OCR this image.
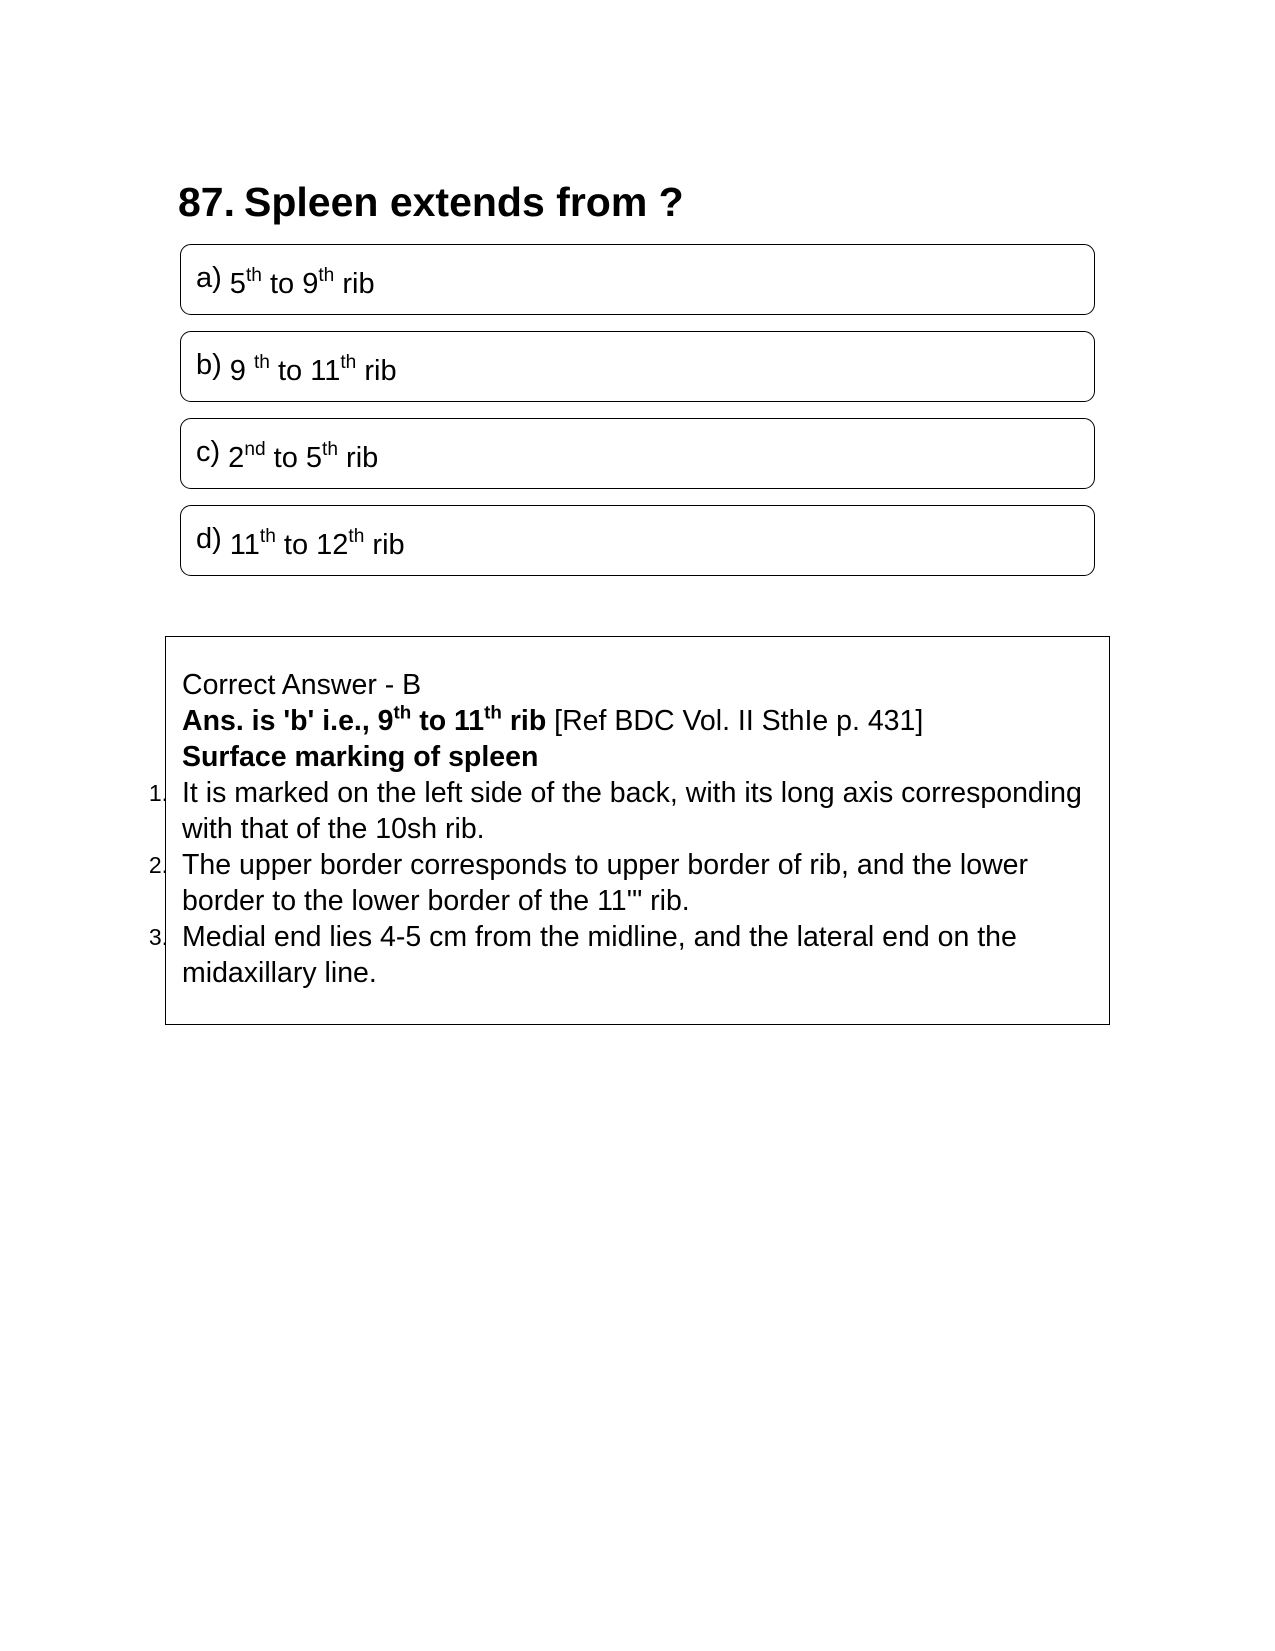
87. Spleen extends from ?
a) 5th to 9th rib
b) 9 $^{th}$ to 11th rib
c) 2nd to 5th rib
d) 11th to 12th rib

Correct Answer - B

Ans. is 'b' i.e., 9th to 11th rib [Ref BDC Vol. II SthIe p. 431]

Surface marking of spleen

1. It is marked on the left side of the back, with its long axis corresponding with that of the 10sh rib.
2. The upper border corresponds to upper border of rib, and the lower border to the lower border of the 11'" rib.
3. Medial end lies 4-5 cm from the midline, and the lateral end on the midaxillary line.
